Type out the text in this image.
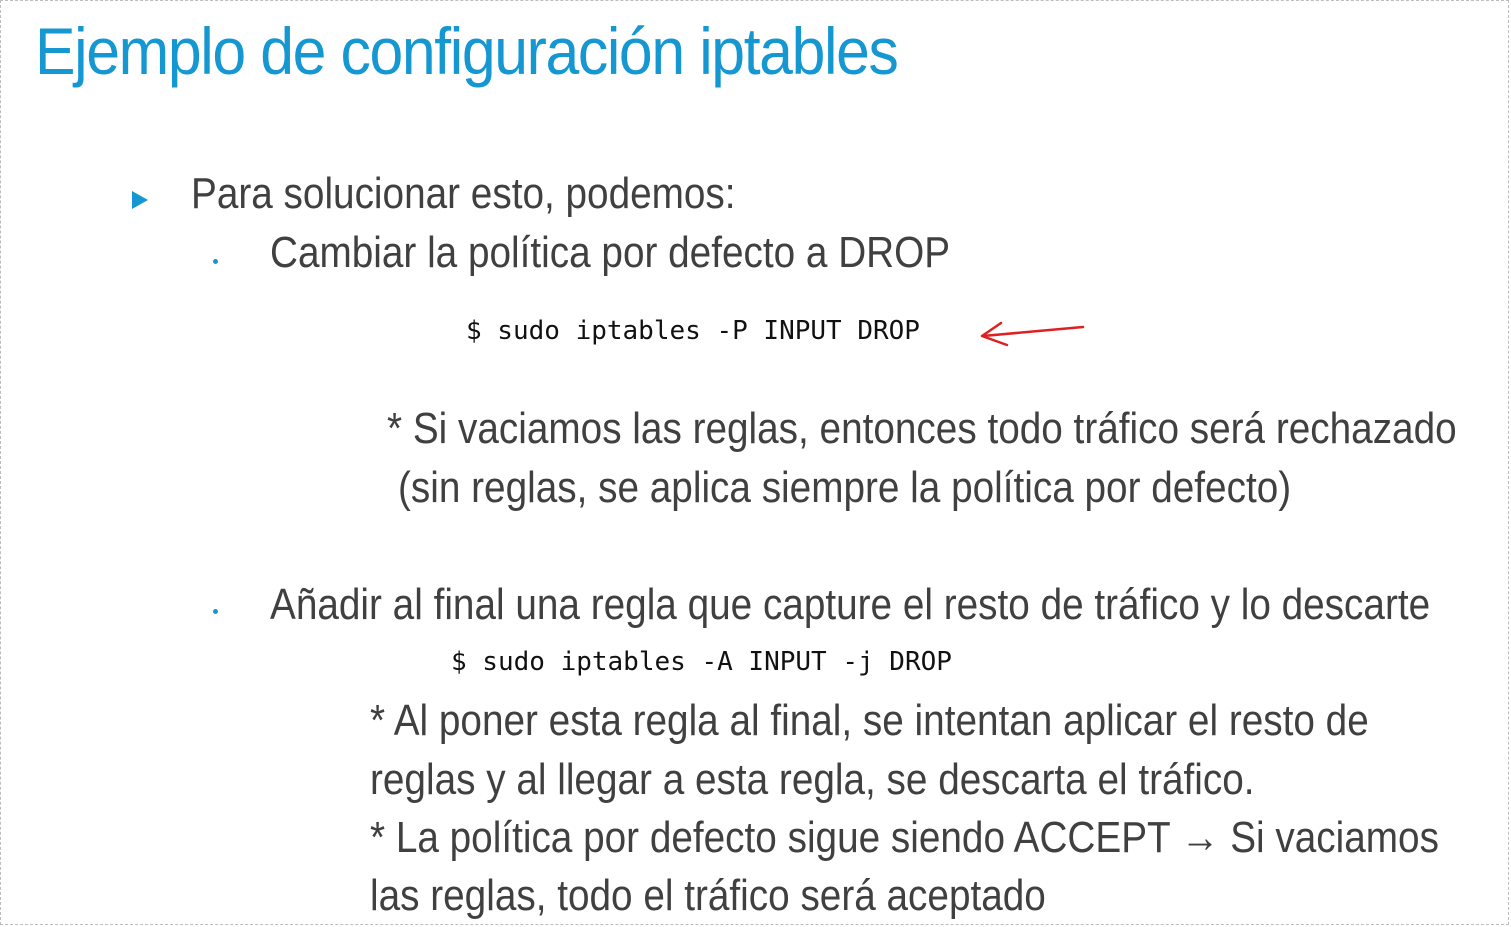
Ejemplo de configuración iptables
Para solucionar esto, podemos:
Cambiar la política por defecto a DROP
$ sudo iptables -P INPUT DROP
* Si vaciamos las reglas, entonces todo tráfico será rechazado
(sin reglas, se aplica siempre la política por defecto)
Añadir al final una regla que capture el resto de tráfico y lo descarte
$ sudo iptables -A INPUT -j DROP
* Al poner esta regla al final, se intentan aplicar el resto de
reglas y al llegar a esta regla, se descarta el tráfico.
* La política por defecto sigue siendo ACCEPT → Si vaciamos
las reglas, todo el tráfico será aceptado
